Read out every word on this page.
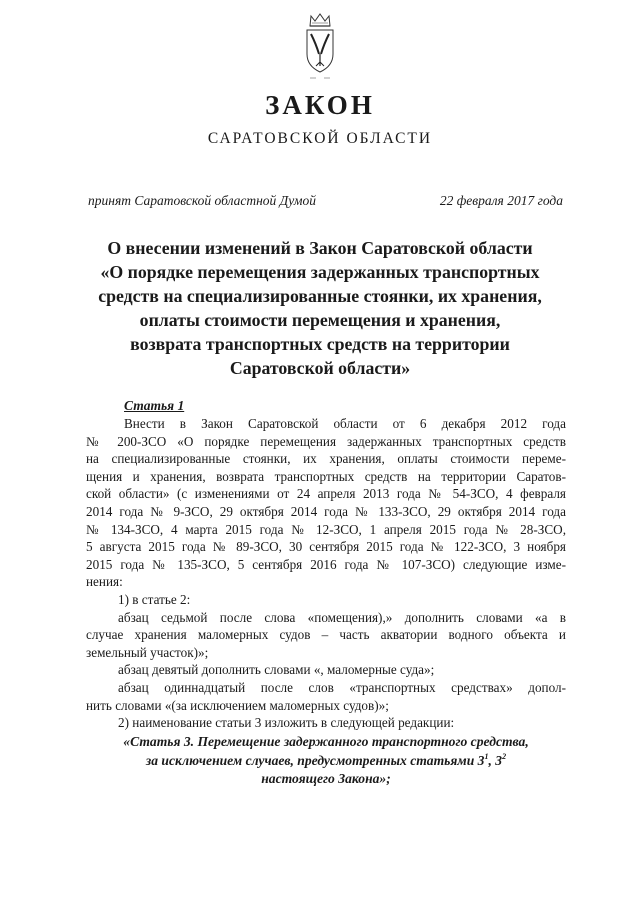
ЗАКОН
САРАТОВСКОЙ ОБЛАСТИ
принят Саратовской областной Думой	22 февраля 2017 года
О внесении изменений в Закон Саратовской области
«О порядке перемещения задержанных транспортных
средств на специализированные стоянки, их хранения,
оплаты стоимости перемещения и хранения,
возврата транспортных средств на территории
Саратовской области»
Статья 1
Внести в Закон Саратовской области от 6 декабря 2012 года
№ 200-ЗСО «О порядке перемещения задержанных транспортных средств
на специализированные стоянки, их хранения, оплаты стоимости переме-
щения и хранения, возврата транспортных средств на территории Саратов-
ской области» (с изменениями от 24 апреля 2013 года № 54-ЗСО, 4 февраля
2014 года № 9-ЗСО, 29 октября 2014 года № 133-ЗСО, 29 октября 2014 года
№ 134-ЗСО, 4 марта 2015 года № 12-ЗСО, 1 апреля 2015 года № 28-ЗСО,
5 августа 2015 года № 89-ЗСО, 30 сентября 2015 года № 122-ЗСО, 3 ноября
2015 года № 135-ЗСО, 5 сентября 2016 года № 107-ЗСО) следующие изме-
нения:
1) в статье 2:
абзац седьмой после слова «помещения),» дополнить словами «а в
случае хранения маломерных судов – часть акватории водного объекта и
земельный участок)»;
абзац девятый дополнить словами «, маломерные суда»;
абзац одиннадцатый после слов «транспортных средствах» допол-
нить словами «(за исключением маломерных судов)»;
2) наименование статьи 3 изложить в следующей редакции:
«Статья 3. Перемещение задержанного транспортного средства,
за исключением случаев, предусмотренных статьями $3^1$, $3^2$
настоящего Закона»;
